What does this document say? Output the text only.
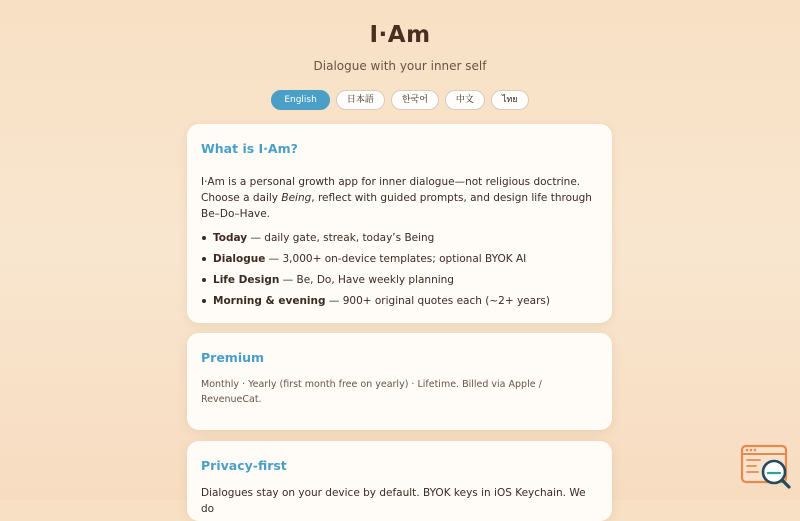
I·Am
Dialogue with your inner self
English	日本語	한국어	中文	ไทย
What is I·Am?

I·Am is a personal growth app for inner dialogue—not religious doctrine. Choose a daily Being, reflect with guided prompts, and design life through Be–Do–Have.

Today — daily gate, streak, today’s Being
Dialogue — 3,000+ on-device templates; optional BYOK AI
Life Design — Be, Do, Have weekly planning
Morning & evening — 900+ original quotes each (~2+ years)
Premium

Monthly · Yearly (first month free on yearly) · Lifetime. Billed via Apple / RevenueCat.

Privacy-first

Dialogues stay on your device by default. BYOK keys in iOS Keychain. We do
